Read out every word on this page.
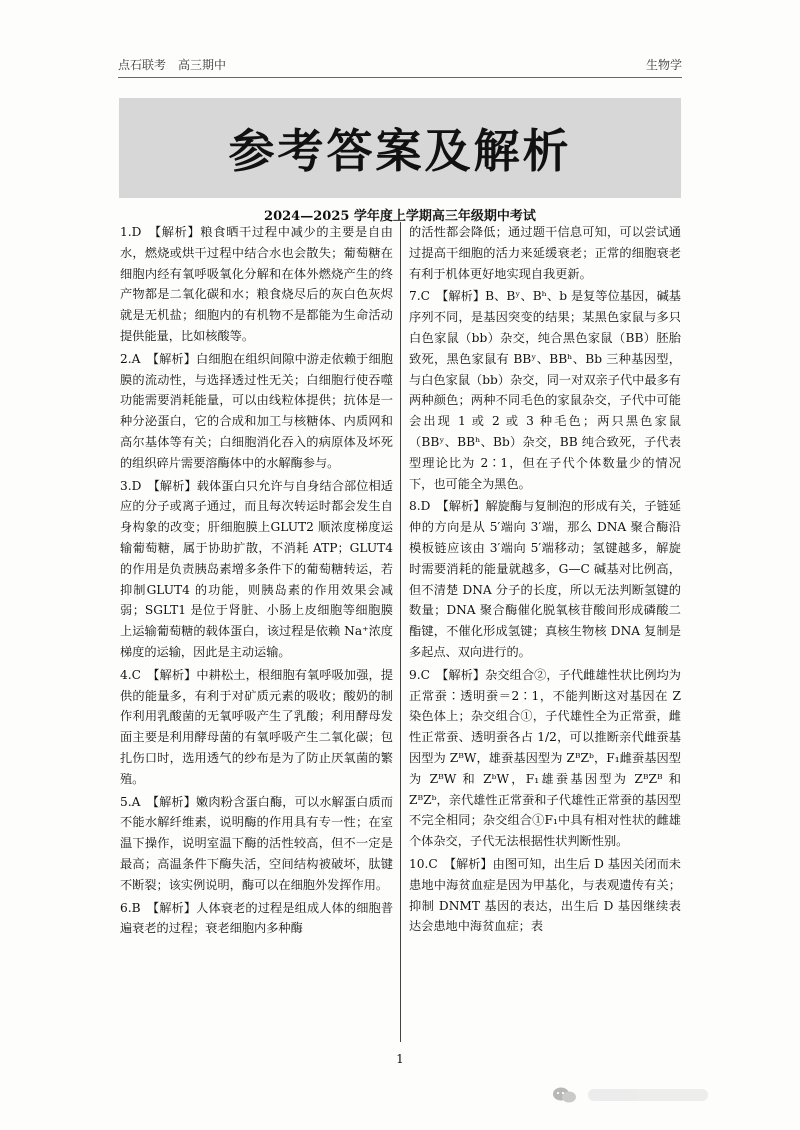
点石联考　高三期中	生物学
参考答案及解析
2024—2025 学年度上学期高三年级期中考试

1.D　【解析】粮食晒干过程中减少的主要是自由水，燃烧或烘干过程中结合水也会散失；葡萄糖在细胞内经有氧呼吸氧化分解和在体外燃烧产生的终产物都是二氧化碳和水；粮食烧尽后的灰白色灰烬就是无机盐；细胞内的有机物不是都能为生命活动提供能量，比如核酸等。

2.A　【解析】白细胞在组织间隙中游走依赖于细胞膜的流动性，与选择透过性无关；白细胞行使吞噬功能需要消耗能量，可以由线粒体提供；抗体是一种分泌蛋白，它的合成和加工与核糖体、内质网和高尔基体等有关；白细胞消化吞入的病原体及坏死的组织碎片需要溶酶体中的水解酶参与。

3.D　【解析】载体蛋白只允许与自身结合部位相适应的分子或离子通过，而且每次转运时都会发生自身构象的改变；肝细胞膜上GLUT2 顺浓度梯度运输葡萄糖，属于协助扩散，不消耗 ATP；GLUT4 的作用是负责胰岛素增多条件下的葡萄糖转运，若抑制GLUT4 的功能，则胰岛素的作用效果会减弱；SGLT1 是位于肾脏、小肠上皮细胞等细胞膜上运输葡萄糖的载体蛋白，该过程是依赖 Na⁺浓度梯度的运输，因此是主动运输。

4.C　【解析】中耕松土，根细胞有氧呼吸加强，提供的能量多，有利于对矿质元素的吸收；酸奶的制作利用乳酸菌的无氧呼吸产生了乳酸；利用酵母发面主要是利用酵母菌的有氧呼吸产生二氧化碳；包扎伤口时，选用透气的纱布是为了防止厌氧菌的繁殖。

5.A　【解析】嫩肉粉含蛋白酶，可以水解蛋白质而不能水解纤维素，说明酶的作用具有专一性；在室温下操作，说明室温下酶的活性较高，但不一定是最高；高温条件下酶失活，空间结构被破坏，肽键不断裂；该实例说明，酶可以在细胞外发挥作用。

6.B　【解析】人体衰老的过程是组成人体的细胞普遍衰老的过程；衰老细胞内多种酶

的活性都会降低；通过题干信息可知，可以尝试通过提高干细胞的活力来延缓衰老；正常的细胞衰老有利于机体更好地实现自我更新。

7.C　【解析】B、Bʸ、Bʰ、b 是复等位基因，碱基序列不同，是基因突变的结果；某黑色家鼠与多只白色家鼠（bb）杂交，纯合黑色家鼠（BB）胚胎致死，黑色家鼠有 BBʸ、BBʰ、Bb 三种基因型，与白色家鼠（bb）杂交，同一对双亲子代中最多有两种颜色；两种不同毛色的家鼠杂交，子代中可能会出现 1 或 2 或 3 种毛色；两只黑色家鼠（BBʸ、BBʰ、Bb）杂交，BB 纯合致死，子代表型理论比为 2∶1，但在子代个体数量少的情况下，也可能全为黑色。

8.D　【解析】解旋酶与复制泡的形成有关，子链延伸的方向是从 5′端向 3′端，那么 DNA 聚合酶沿模板链应该由 3′端向 5′端移动；氢键越多，解旋时需要消耗的能量就越多，G—C 碱基对比例高，但不清楚 DNA 分子的长度，所以无法判断氢键的数量；DNA 聚合酶催化脱氧核苷酸间形成磷酸二酯键，不催化形成氢键；真核生物核 DNA 复制是多起点、双向进行的。

9.C　【解析】杂交组合②，子代雌雄性状比例均为正常蚕∶透明蚕＝2∶1，不能判断这对基因在 Z 染色体上；杂交组合①，子代雄性全为正常蚕，雌性正常蚕、透明蚕各占 1/2，可以推断亲代雌蚕基因型为 ZᴮW，雄蚕基因型为 ZᴮZᵇ，F₁雌蚕基因型为 ZᴮW 和 ZᵇW，F₁雄蚕基因型为 ZᴮZᴮ 和 ZᴮZᵇ，亲代雄性正常蚕和子代雄性正常蚕的基因型不完全相同；杂交组合①F₁中具有相对性状的雌雄个体杂交，子代无法根据性状判断性别。

10.C　【解析】由图可知，出生后 D 基因关闭而未患地中海贫血症是因为甲基化，与表观遗传有关；抑制 DNMT 基因的表达，出生后 D 基因继续表达会患地中海贫血症；表

1
